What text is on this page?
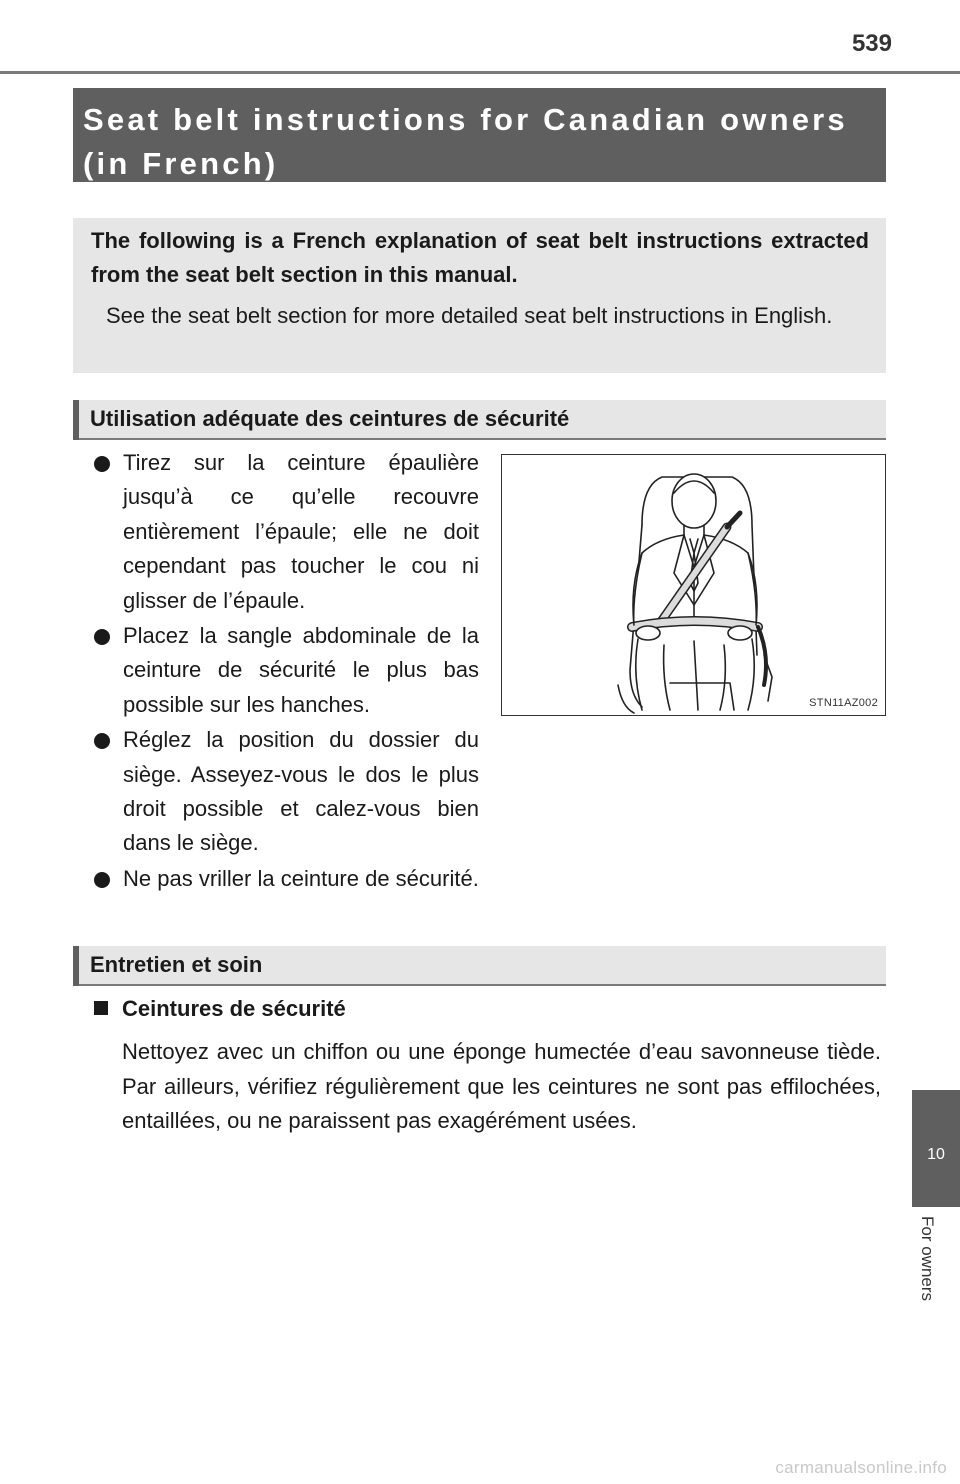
539
Seat belt instructions for Canadian owners (in French)

The following is a French explanation of seat belt instructions extracted from the seat belt section in this manual.

See the seat belt section for more detailed seat belt instructions in English.

Utilisation adéquate des ceintures de sécurité
Tirez sur la ceinture épaulière jusqu’à ce qu’elle recouvre entièrement l’épaule; elle ne doit cependant pas toucher le cou ni glisser de l’épaule.
Placez la sangle abdominale de la ceinture de sécurité le plus bas possible sur les hanches.
Réglez la position du dossier du siège. Asseyez-vous le dos le plus droit possible et calez-vous bien dans le siège.
Ne pas vriller la ceinture de sécurité.
STN11AZ002
Entretien et soin
Ceintures de sécurité

Nettoyez avec un chiffon ou une éponge humectée d’eau savonneuse tiède. Par ailleurs, vérifiez régulièrement que les ceintures ne sont pas effilochées, entaillées, ou ne paraissent pas exagérément usées.

10
For owners
carmanualsonline.info
